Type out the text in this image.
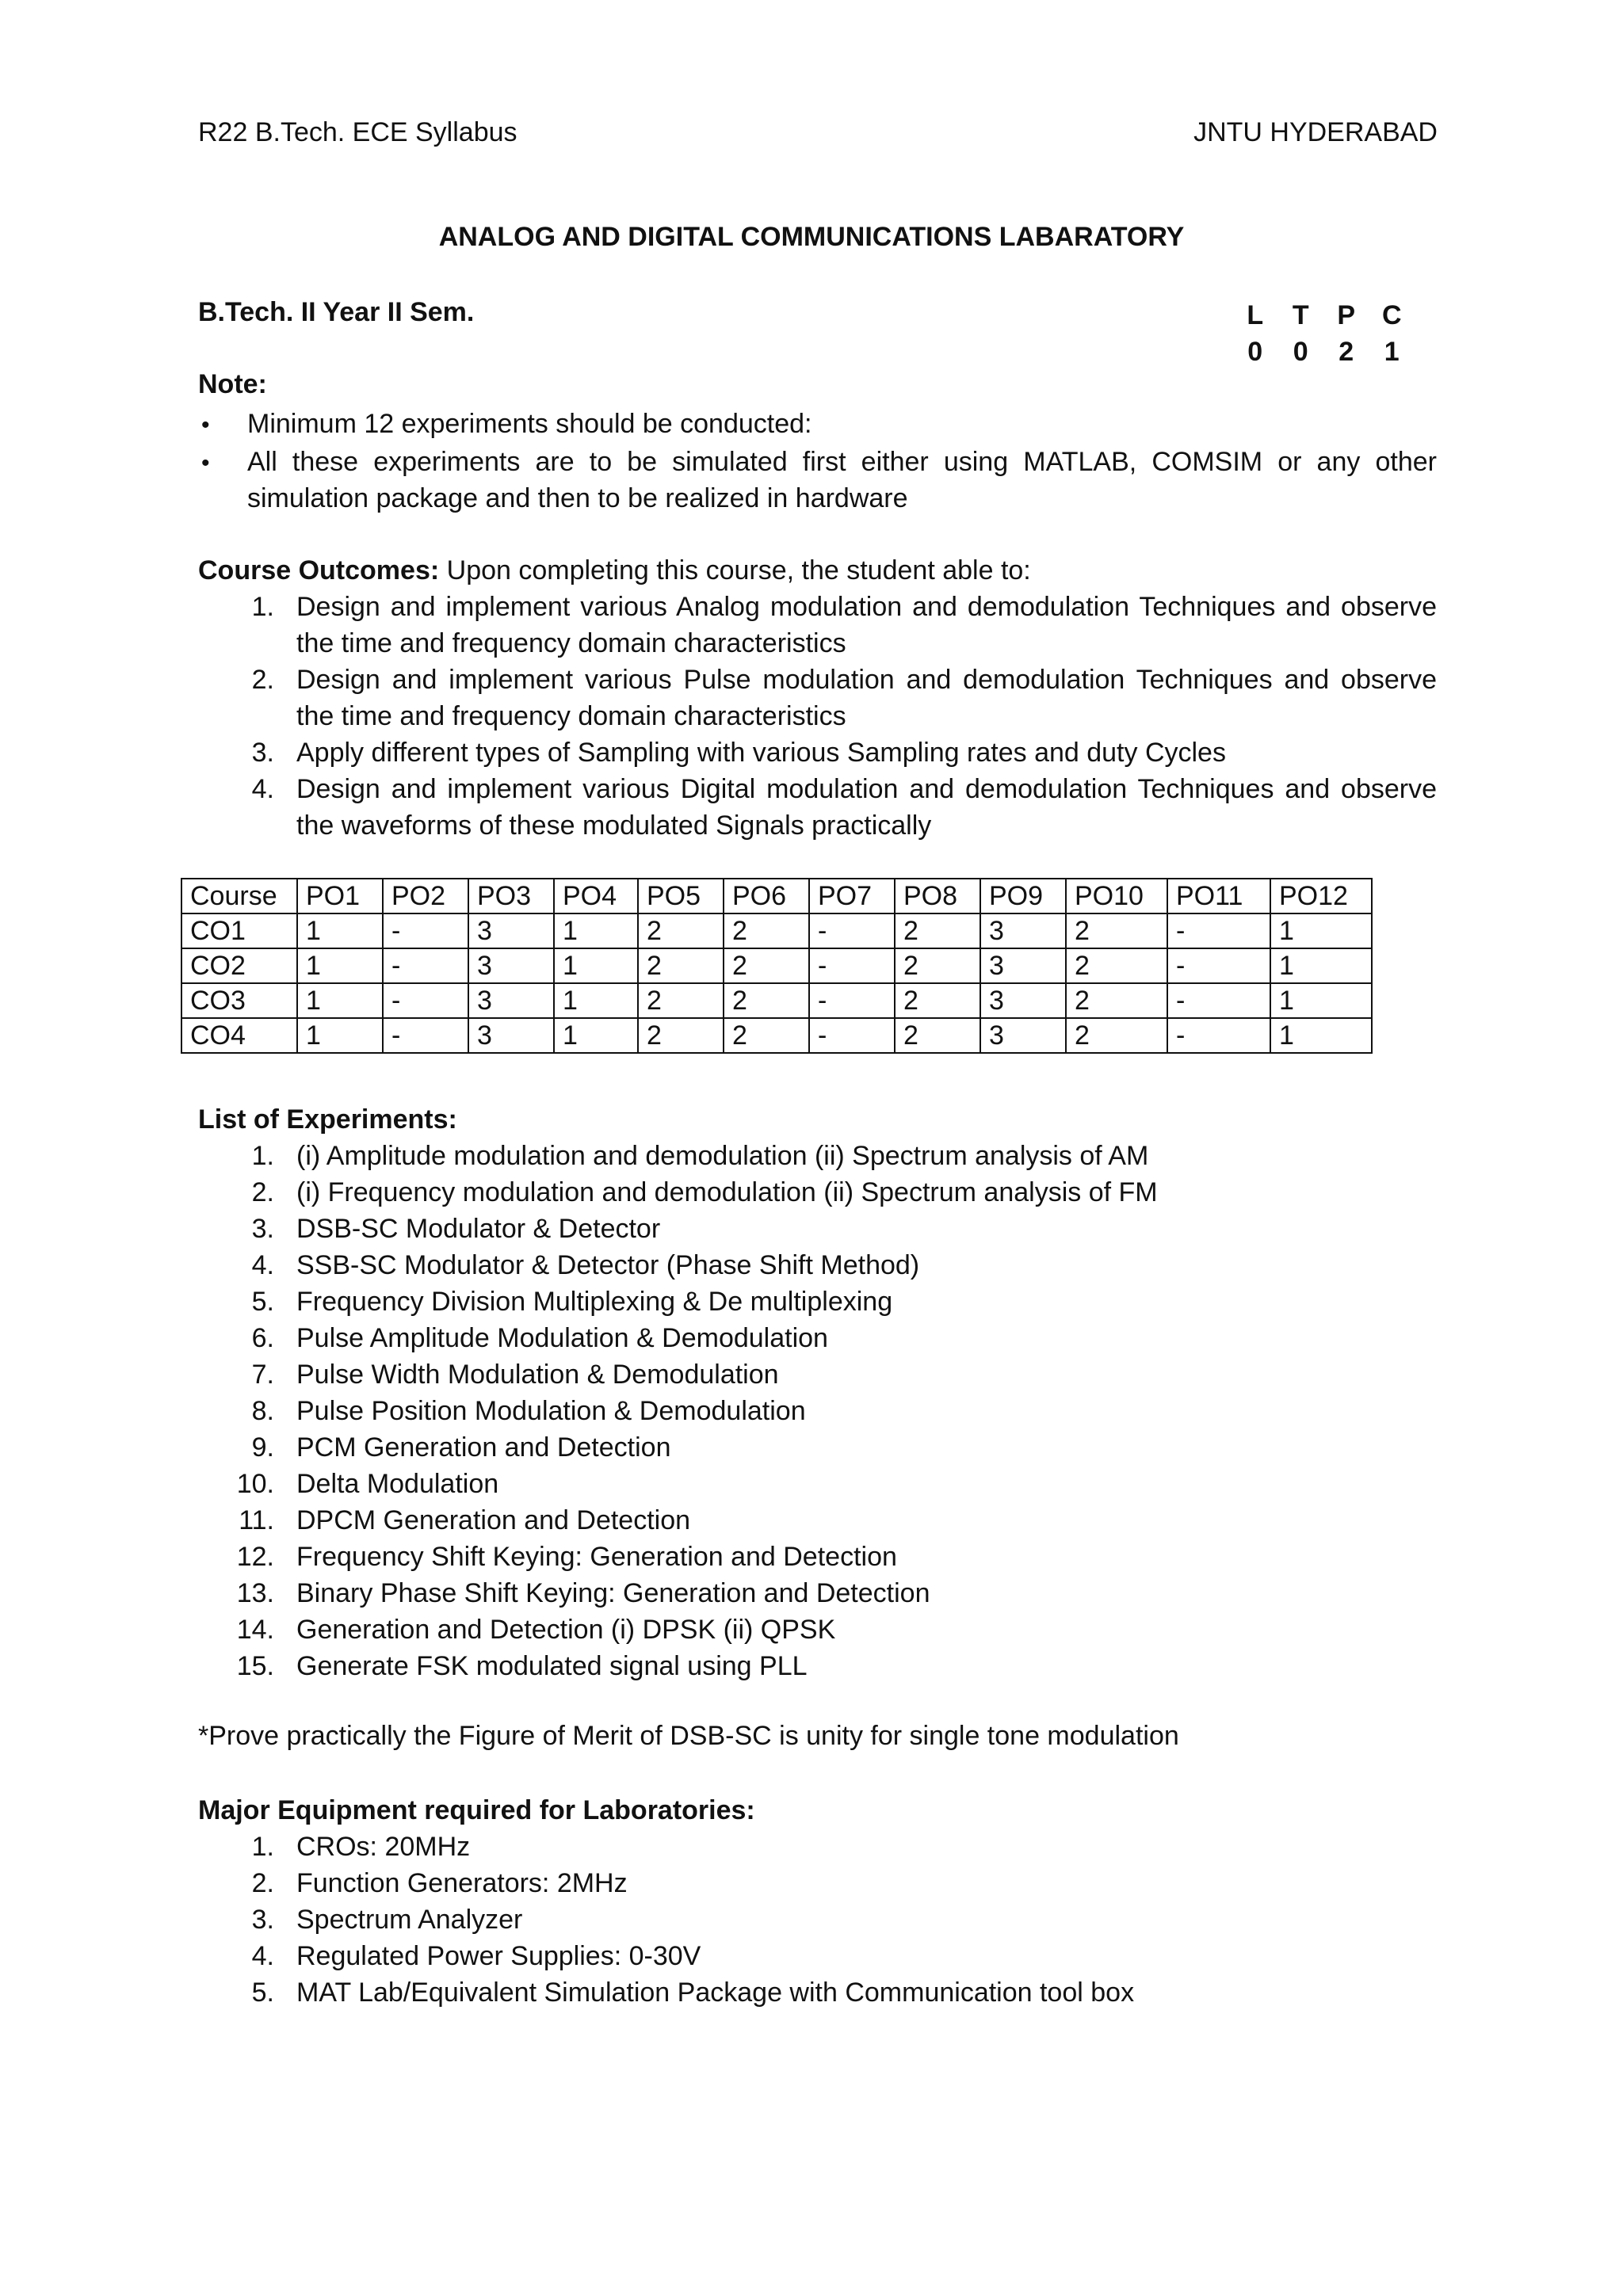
R22 B.Tech. ECE Syllabus	JNTU HYDERABAD
ANALOG AND DIGITAL COMMUNICATIONS LABARATORY
B.Tech. II Year II Sem.	L	T	P C
0	0	2	1
Note:
•
Minimum 12 experiments should be conducted:
•
All these experiments are to be simulated first either using MATLAB, COMSIM or any other simulation package and then to be realized in hardware
Course Outcomes: Upon completing this course, the student able to:
1. Design and implement various Analog modulation and demodulation Techniques and observe the time and frequency domain characteristics
2. Design and implement various Pulse modulation and demodulation Techniques and observe the time and frequency domain characteristics
3. Apply different types of Sampling with various Sampling rates and duty Cycles
4. Design and implement various Digital modulation and demodulation Techniques and observe the waveforms of these modulated Signals practically
Course	PO1	PO2	PO3	PO4	PO5	PO6	PO7	PO8	PO9	PO10	PO11	PO12
CO1	1	-	3	1	2	2	-	2	3	2	-	1
CO2	1	-	3	1	2	2	-	2	3	2	-	1
CO3	1	-	3	1	2	2	-	2	3	2	-	1
CO4	1	-	3	1	2	2	-	2	3	2	-	1
List of Experiments:
1. (i) Amplitude modulation and demodulation (ii) Spectrum analysis of AM
2. (i) Frequency modulation and demodulation (ii) Spectrum analysis of FM
3. DSB-SC Modulator & Detector
4. SSB-SC Modulator & Detector (Phase Shift Method)
5. Frequency Division Multiplexing & De multiplexing
6. Pulse Amplitude Modulation & Demodulation
7. Pulse Width Modulation & Demodulation
8. Pulse Position Modulation & Demodulation
9. PCM Generation and Detection
10. Delta Modulation
11. DPCM Generation and Detection
12. Frequency Shift Keying: Generation and Detection
13. Binary Phase Shift Keying: Generation and Detection
14. Generation and Detection (i) DPSK (ii) QPSK
15. Generate FSK modulated signal using PLL
*Prove practically the Figure of Merit of DSB-SC is unity for single tone modulation
Major Equipment required for Laboratories:
1. CROs: 20MHz
2. Function Generators: 2MHz
3. Spectrum Analyzer
4. Regulated Power Supplies: 0-30V
5. MAT Lab/Equivalent Simulation Package with Communication tool box
